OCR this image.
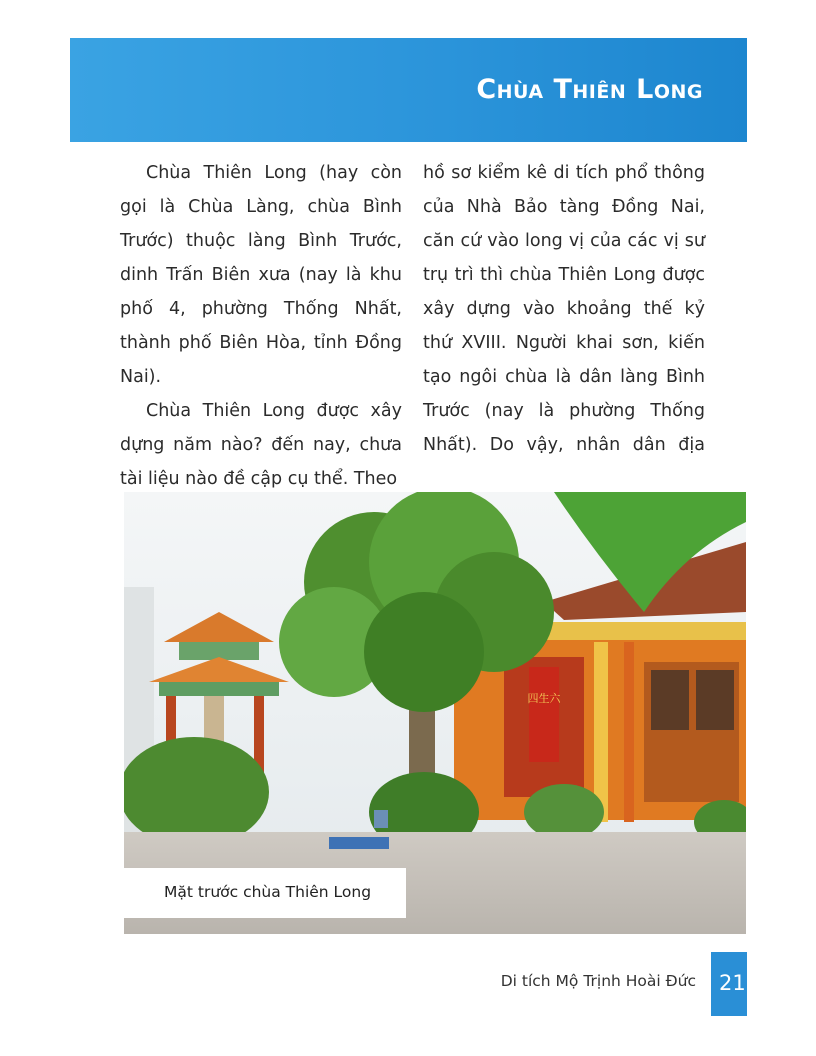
Chùa Thiên Long

Chùa Thiên Long (hay còn gọi là Chùa Làng, chùa Bình Trước) thuộc làng Bình Trước, dinh Trấn Biên xưa (nay là khu phố 4, phường Thống Nhất, thành phố Biên Hòa, tỉnh Đồng Nai).

Chùa Thiên Long được xây dựng năm nào? đến nay, chưa tài liệu nào đề cập cụ thể. Theo

hồ sơ kiểm kê di tích phổ thông của Nhà Bảo tàng Đồng Nai, căn cứ vào long vị của các vị sư trụ trì thì chùa Thiên Long được xây dựng vào khoảng thế kỷ thứ XVIII. Người khai sơn, kiến tạo ngôi chùa là dân làng Bình Trước (nay là phường Thống Nhất). Do vậy, nhân dân địa

四生六
Mặt trước chùa Thiên Long
Di tích Mộ Trịnh Hoài Đức	21
